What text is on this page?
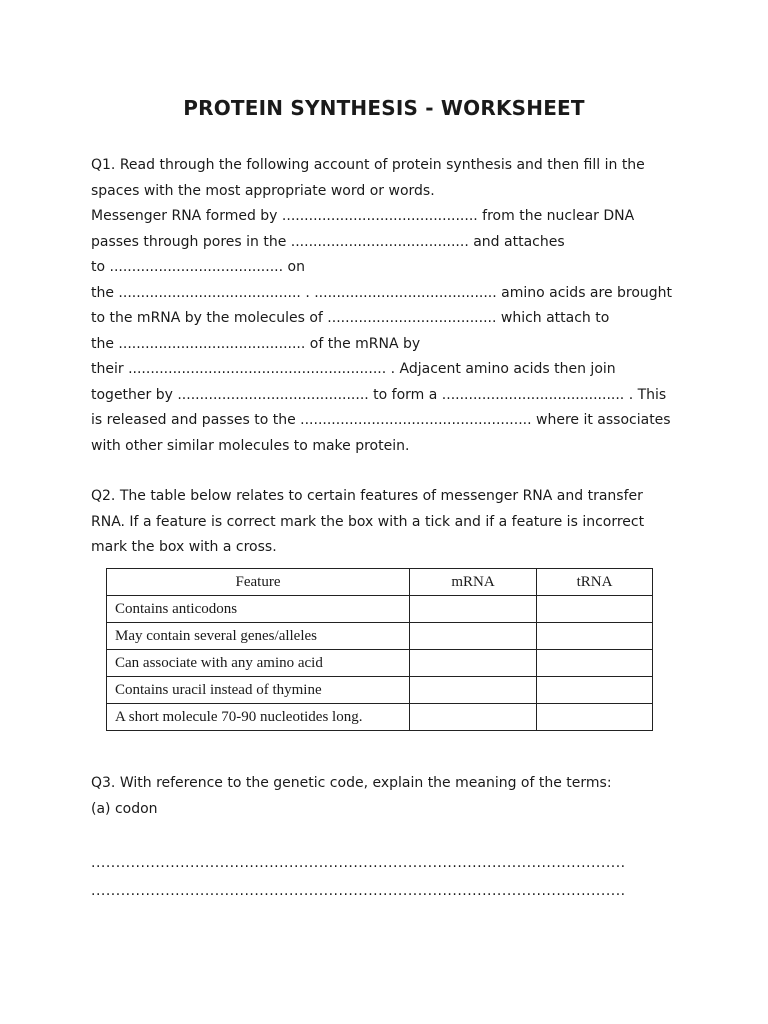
PROTEIN SYNTHESIS - WORKSHEET
Q1. Read through the following account of protein synthesis and then fill in the
spaces with the most appropriate word or words.
Messenger RNA formed by ............................................ from the nuclear DNA
passes through pores in the ........................................ and attaches
to ....................................... on
the ......................................... . ......................................... amino acids are brought
to the mRNA by the molecules of ...................................... which attach to
the .......................................... of the mRNA by
their .......................................................... . Adjacent amino acids then join
together by ........................................... to form a ......................................... . This
is released and passes to the .................................................... where it associates
with other similar molecules to make protein.
Q2. The table below relates to certain features of messenger RNA and transfer
RNA. If a feature is correct mark the box with a tick and if a feature is incorrect
mark the box with a cross.
Feature	mRNA	tRNA
Contains anticodons		
May contain several genes/alleles		
Can associate with any amino acid		
Contains uracil instead of thymine		
A short molecule 70-90 nucleotides long.		
Q3. With reference to the genetic code, explain the meaning of the terms:
(a) codon
............................................................................................................
............................................................................................................
